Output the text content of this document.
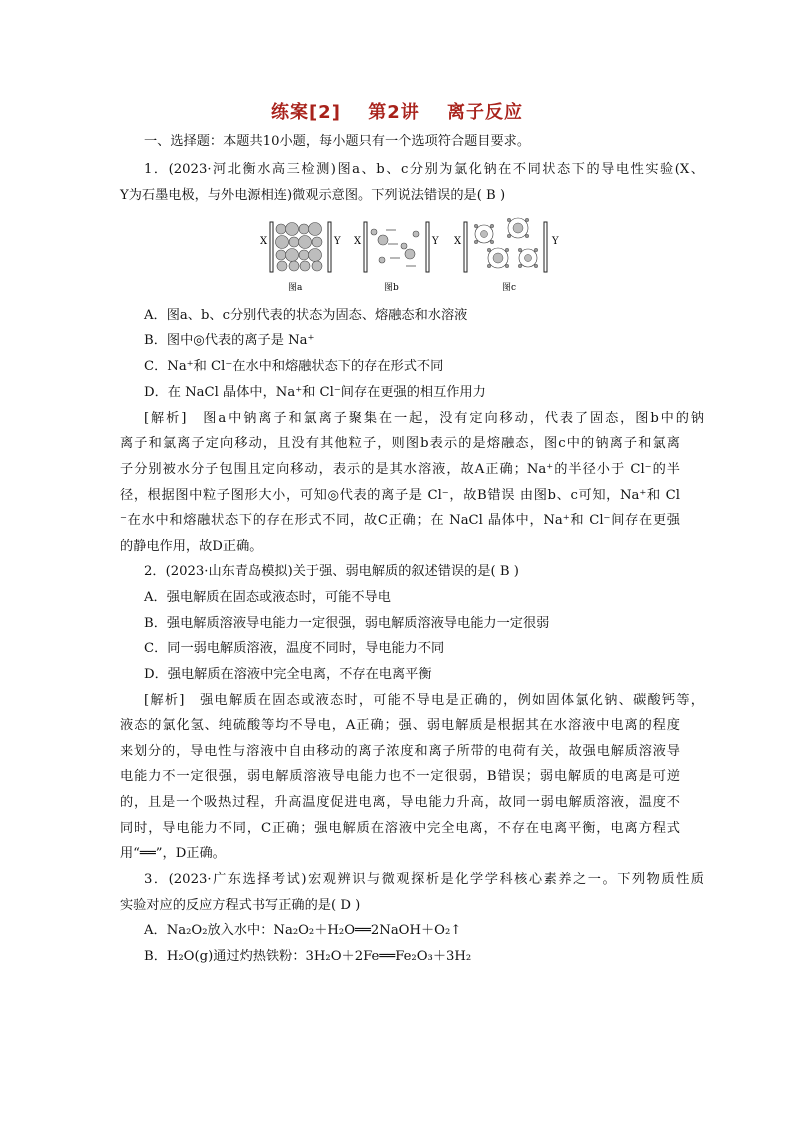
练案[2] 第2讲 离子反应
一、选择题：本题共10小题，每小题只有一个选项符合题目要求。
1．(2023·河北衡水高三检测)图a、b、c分别为氯化钠在不同状态下的导电性实验(X、
Y为石墨电极，与外电源相连)微观示意图。下列说法错误的是( B )
X	Y
图a
X	Y
图b
X	Y
图c
A．图a、b、c分别代表的状态为固态、熔融态和水溶液
B．图中◎代表的离子是 Na⁺
C．Na⁺和 Cl⁻在水中和熔融状态下的存在形式不同
D．在 NaCl 晶体中，Na⁺和 Cl⁻间存在更强的相互作用力
[解析]　图a中钠离子和氯离子聚集在一起，没有定向移动，代表了固态，图b中的钠
离子和氯离子定向移动，且没有其他粒子，则图b表示的是熔融态，图c中的钠离子和氯离
子分别被水分子包围且定向移动，表示的是其水溶液，故A正确；Na⁺的半径小于 Cl⁻的半
径，根据图中粒子图形大小，可知◎代表的离子是 Cl⁻，故B错误 由图b、c可知，Na⁺和 Cl
⁻在水中和熔融状态下的存在形式不同，故C正确；在 NaCl 晶体中，Na⁺和 Cl⁻间存在更强
的静电作用，故D正确。
2．(2023·山东青岛模拟)关于强、弱电解质的叙述错误的是( B )
A．强电解质在固态或液态时，可能不导电
B．强电解质溶液导电能力一定很强，弱电解质溶液导电能力一定很弱
C．同一弱电解质溶液，温度不同时，导电能力不同
D．强电解质在溶液中完全电离，不存在电离平衡
[解析]　强电解质在固态或液态时，可能不导电是正确的，例如固体氯化钠、碳酸钙等，
液态的氯化氢、纯硫酸等均不导电，A正确；强、弱电解质是根据其在水溶液中电离的程度
来划分的，导电性与溶液中自由移动的离子浓度和离子所带的电荷有关，故强电解质溶液导
电能力不一定很强，弱电解质溶液导电能力也不一定很弱，B错误；弱电解质的电离是可逆
的，且是一个吸热过程，升高温度促进电离，导电能力升高，故同一弱电解质溶液，温度不
同时，导电能力不同，C正确；强电解质在溶液中完全电离，不存在电离平衡，电离方程式
用“══”，D正确。
3．(2023·广东选择考试)宏观辨识与微观探析是化学学科核心素养之一。下列物质性质
实验对应的反应方程式书写正确的是( D )
A．Na₂O₂放入水中：Na₂O₂＋H₂O══2NaOH＋O₂↑
B．H₂O(g)通过灼热铁粉：3H₂O＋2Fe══Fe₂O₃＋3H₂
